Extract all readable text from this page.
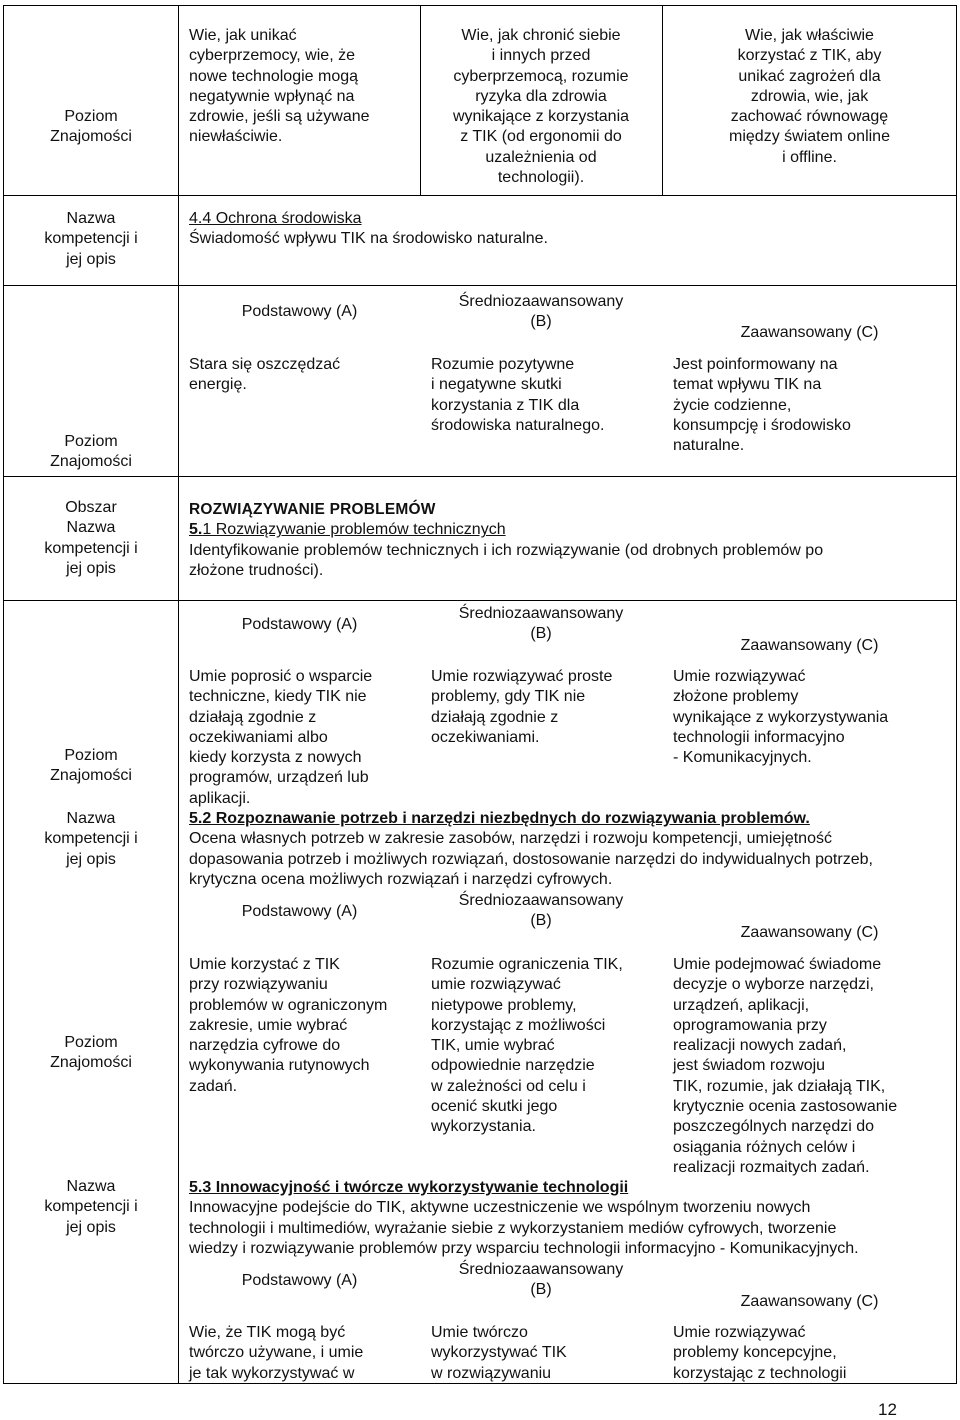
Poziom
Znajomości
Wie, jak unikać
cyberprzemocy, wie, że
nowe technologie mogą
negatywnie wpłynąć na
zdrowie, jeśli są używane
niewłaściwie.
Wie, jak chronić siebie
i innych przed
cyberprzemocą, rozumie
ryzyka dla zdrowia
wynikające z korzystania
z TIK (od ergonomii do
uzależnienia od
technologii).
Wie, jak właściwie
korzystać z TIK, aby
unikać zagrożeń dla
zdrowia, wie, jak
zachować równowagę
między światem online
i offline.
Nazwa
kompetencji i
jej opis
4.4 Ochrona środowiska
Świadomość wpływu TIK na środowisko naturalne.
Poziom
Znajomości
Podstawowy (A)
Średniozaawansowany
(B)
Zaawansowany (C)
Stara się oszczędzać
energię.
Rozumie pozytywne
i negatywne skutki
korzystania z TIK dla
środowiska naturalnego.
Jest poinformowany na
temat wpływu TIK na
życie codzienne,
konsumpcję i środowisko
naturalne.
Obszar
Nazwa
kompetencji i
jej opis
ROZWIĄZYWANIE PROBLEMÓW
5.1 Rozwiązywanie problemów technicznych
Identyfikowanie problemów technicznych i ich rozwiązywanie (od drobnych problemów po
złożone trudności).
Poziom
Znajomości
Podstawowy (A)
Średniozaawansowany
(B)
Zaawansowany (C)
Umie poprosić o wsparcie
techniczne, kiedy TIK nie
działają zgodnie z
oczekiwaniami albo
kiedy korzysta z nowych
programów, urządzeń lub
aplikacji.
Umie rozwiązywać proste
problemy, gdy TIK nie
działają zgodnie z
oczekiwaniami.
Umie rozwiązywać
złożone problemy
wynikające z wykorzystywania
technologii informacyjno
- Komunikacyjnych.
Nazwa
kompetencji i
jej opis
5.2 Rozpoznawanie potrzeb i narzędzi niezbędnych do rozwiązywania problemów.
Ocena własnych potrzeb w zakresie zasobów, narzędzi i rozwoju kompetencji, umiejętność
dopasowania potrzeb i możliwych rozwiązań, dostosowanie narzędzi do indywidualnych potrzeb,
krytyczna ocena możliwych rozwiązań i narzędzi cyfrowych.
Podstawowy (A)
Średniozaawansowany
(B)
Zaawansowany (C)
Poziom
Znajomości
Umie korzystać z TIK
przy rozwiązywaniu
problemów w ograniczonym
zakresie, umie wybrać
narzędzia cyfrowe do
wykonywania rutynowych
zadań.
Rozumie ograniczenia TIK,
umie rozwiązywać
nietypowe problemy,
korzystając z możliwości
TIK, umie wybrać
odpowiednie narzędzie
w zależności od celu i
ocenić skutki jego
wykorzystania.
Umie podejmować świadome
decyzje o wyborze narzędzi,
urządzeń, aplikacji,
oprogramowania przy
realizacji nowych zadań,
jest świadom rozwoju
TIK, rozumie, jak działają TIK,
krytycznie ocenia zastosowanie
poszczególnych narzędzi do
osiągania różnych celów i
realizacji rozmaitych zadań.
Nazwa
kompetencji i
jej opis
5.3 Innowacyjność i twórcze wykorzystywanie technologii
Innowacyjne podejście do TIK, aktywne uczestniczenie we wspólnym tworzeniu nowych
technologii i multimediów, wyrażanie siebie z wykorzystaniem mediów cyfrowych, tworzenie
wiedzy i rozwiązywanie problemów przy wsparciu technologii informacyjno - Komunikacyjnych.
Podstawowy (A)
Średniozaawansowany
(B)
Zaawansowany (C)
Wie, że TIK mogą być
twórczo używane, i umie
je tak wykorzystywać w
Umie twórczo
wykorzystywać TIK
w rozwiązywaniu
Umie rozwiązywać
problemy koncepcyjne,
korzystając z technologii
12
